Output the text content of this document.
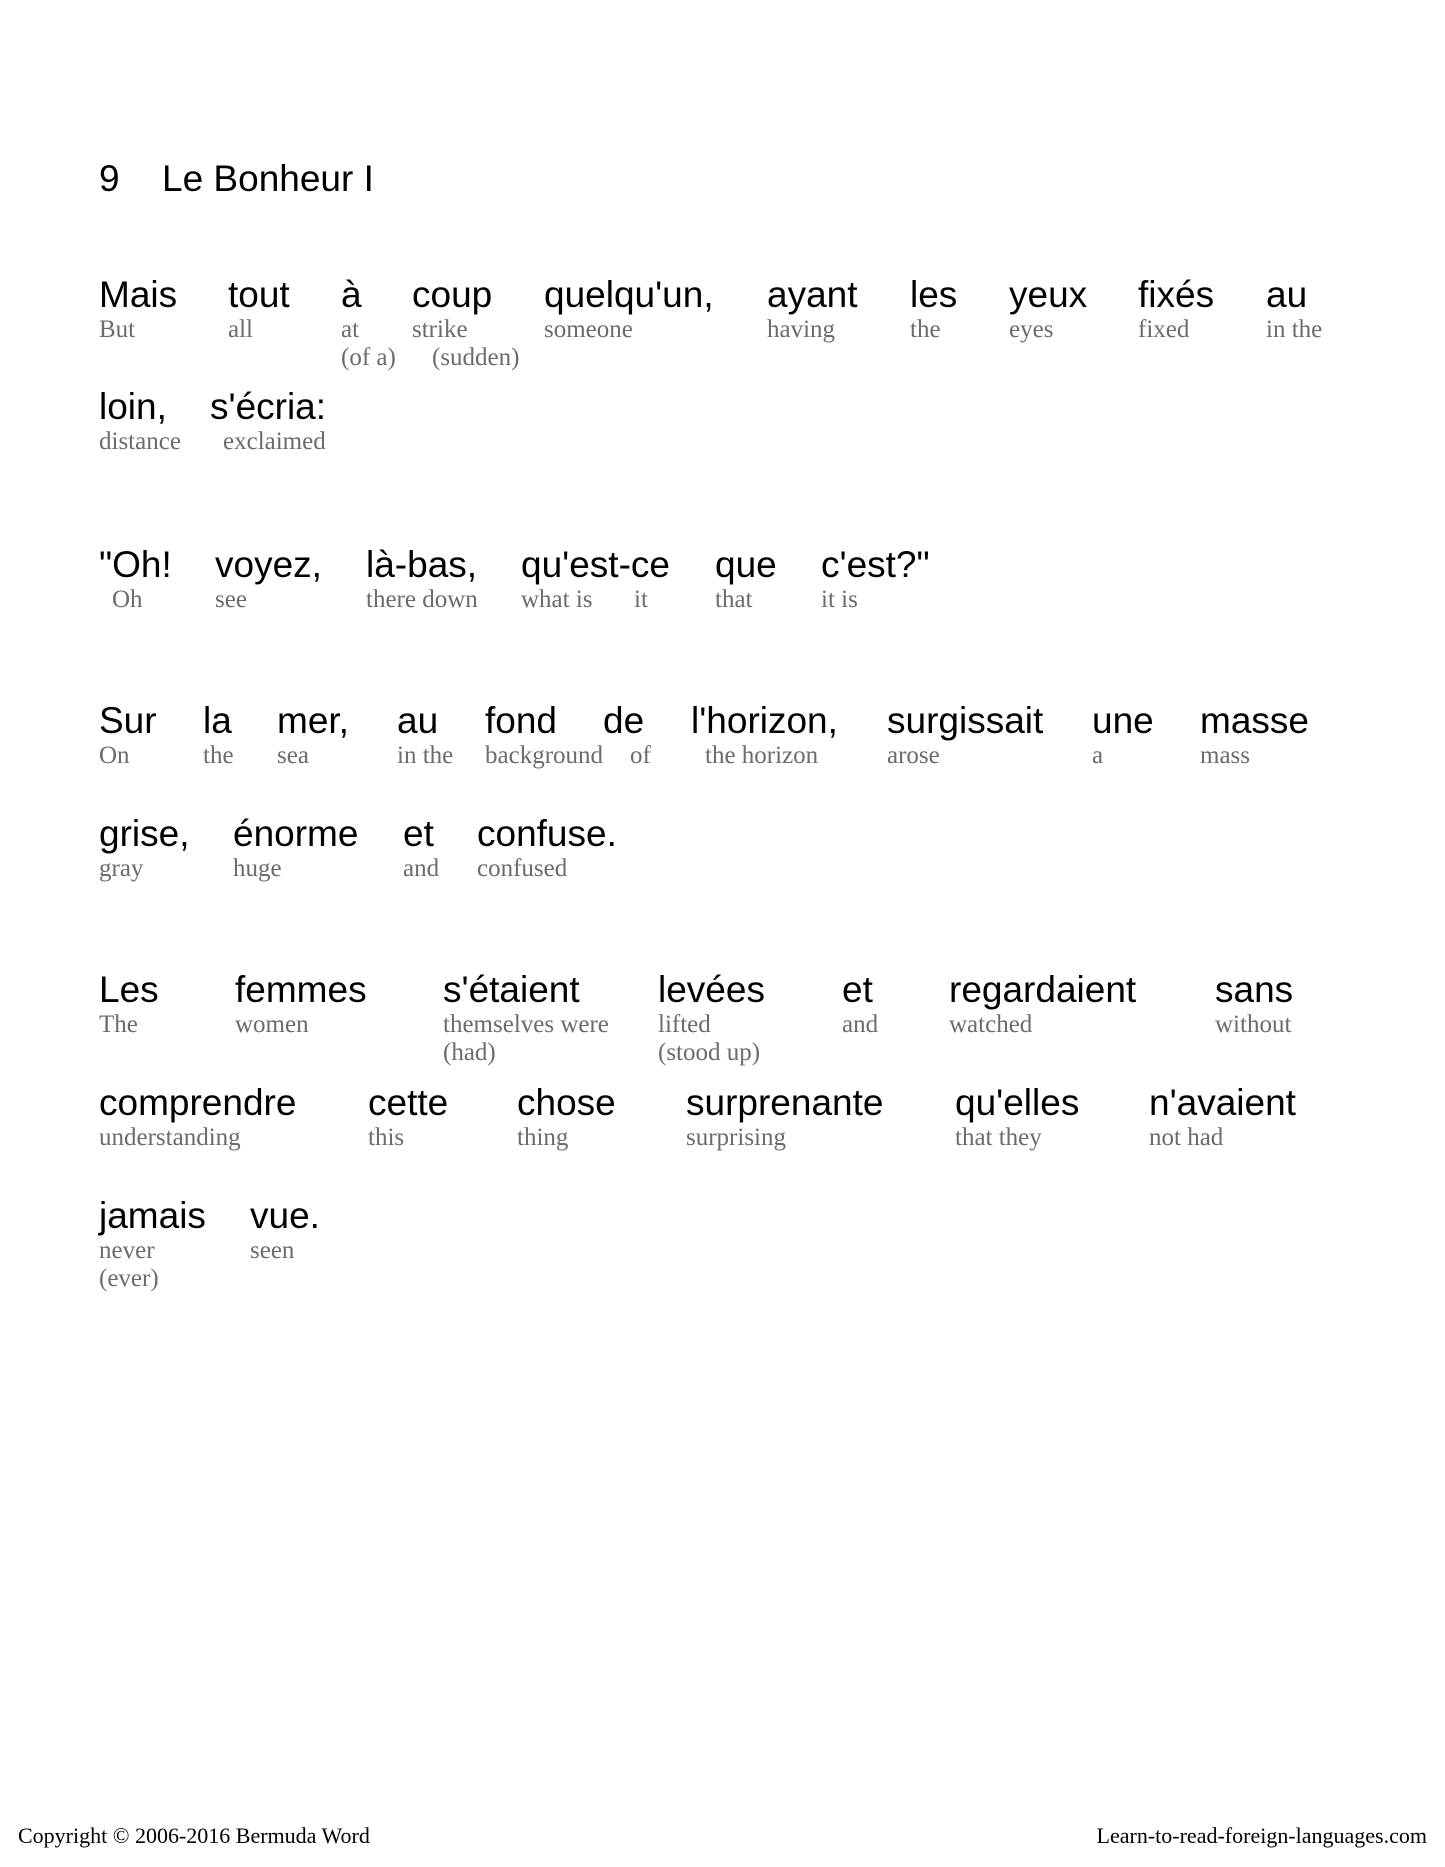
9 Le Bonheur I
Mais
But
tout
all
à
at
(of a)
coup
strike
(sudden)
quelqu'un,
someone
ayant
having
les
the
yeux
eyes
fixés
fixed
au
in the
loin,
distance
s'écria:
exclaimed
"Oh!
Oh
voyez,
see
là-bas,
there down
qu'est-ce
what is
	it
que
that
c'est?"
it is
Sur
On
la
the
mer,
sea
au
in the
fond
background
de
of
l'horizon,
the horizon
surgissait
arose
une
a
masse
mass
grise,
gray
énorme
huge
et
and
confuse.
confused
Les
The
femmes
women
s'étaient
themselves were
(had)
levées
lifted
(stood up)
et
and
regardaient
watched
sans
without
comprendre
understanding
cette
this
chose
thing
surprenante
surprising
qu'elles
that they
n'avaient
not had
jamais
never
(ever)
vue.
seen
Copyright © 2006-2016 Bermuda Word	Learn-to-read-foreign-languages.com
